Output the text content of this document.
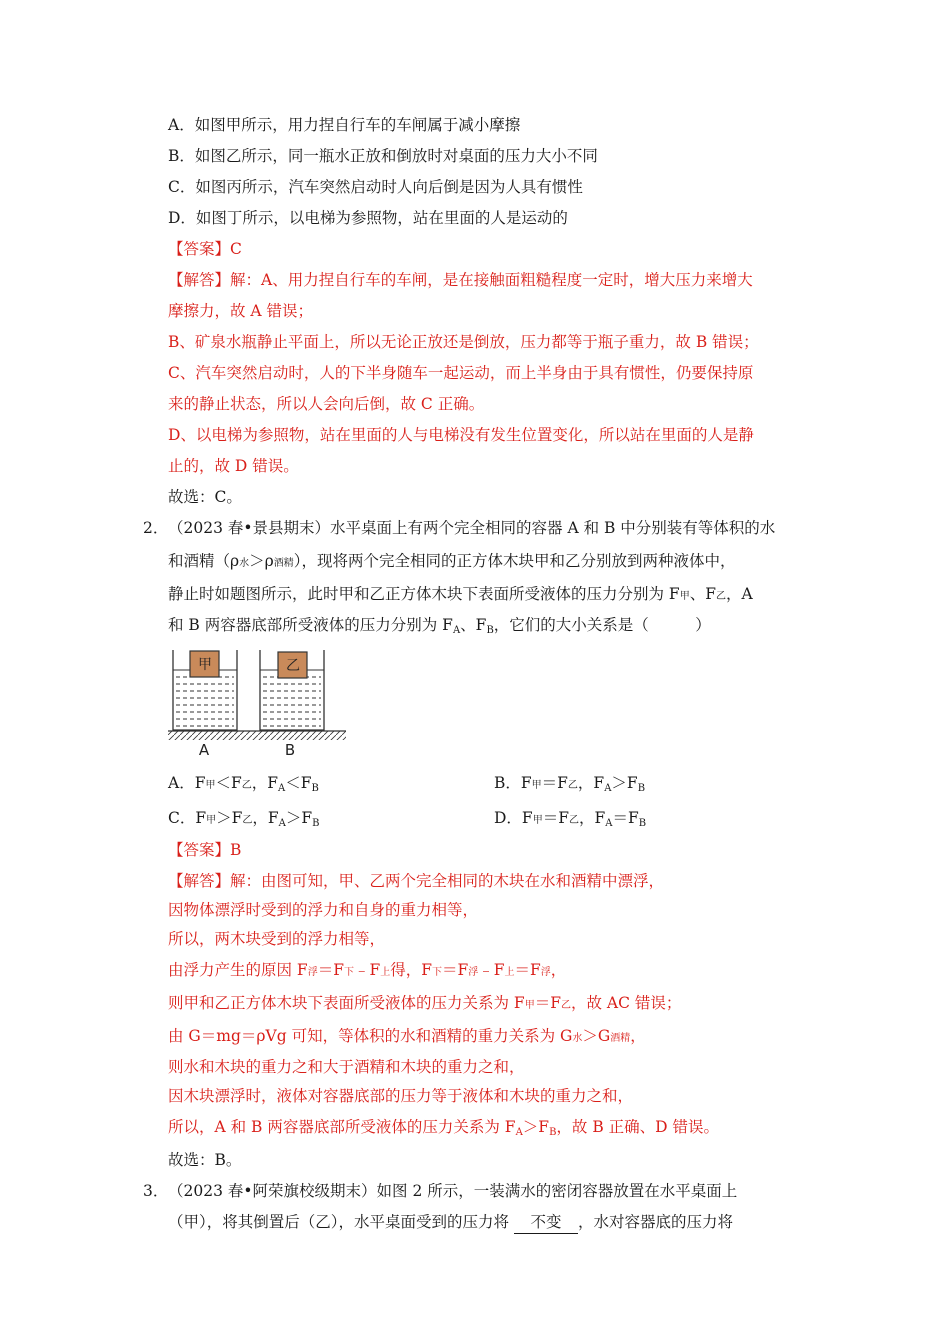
A．如图甲所示，用力捏自行车的车闸属于减小摩擦
B．如图乙所示，同一瓶水正放和倒放时对桌面的压力大小不同
C．如图丙所示，汽车突然启动时人向后倒是因为人具有惯性
D．如图丁所示，以电梯为参照物，站在里面的人是运动的
【答案】C
【解答】解：A、用力捏自行车的车闸，是在接触面粗糙程度一定时，增大压力来增大
摩擦力，故 A 错误；
B、矿泉水瓶静止平面上，所以无论正放还是倒放，压力都等于瓶子重力，故 B 错误；
C、汽车突然启动时，人的下半身随车一起运动，而上半身由于具有惯性，仍要保持原
来的静止状态，所以人会向后倒，故 C 正确。
D、以电梯为参照物，站在里面的人与电梯没有发生位置变化，所以站在里面的人是静
止的，故 D 错误。
故选：C。
2． （2023 春•景县期末）水平桌面上有两个完全相同的容器 A 和 B 中分别装有等体积的水
和酒精（ρ水＞ρ酒精），现将两个完全相同的正方体木块甲和乙分别放到两种液体中，
静止时如题图所示，此时甲和乙正方体木块下表面所受液体的压力分别为 F甲、F乙，A
和 B 两容器底部所受液体的压力分别为 $F_A$、$F_B$，它们的大小关系是（　　　）
甲	乙
A	B
A．F甲＜F乙，$F_A<F_B$	B．F甲＝F乙，$F_A>F_B$
C．F甲＞F乙，$F_A>F_B$	D．F甲＝F乙，$F_A=F_B$
【答案】B
【解答】解：由图可知，甲、乙两个完全相同的木块在水和酒精中漂浮，
因物体漂浮时受到的浮力和自身的重力相等，
所以，两木块受到的浮力相等，
由浮力产生的原因 F浮＝F下﹣F上得，F下＝F浮﹣F上＝F浮，
则甲和乙正方体木块下表面所受液体的压力关系为 F甲＝F乙，故 AC 错误；
由 G＝mg＝ρVg 可知，等体积的水和酒精的重力关系为 G水＞G酒精，
则水和木块的重力之和大于酒精和木块的重力之和，
因木块漂浮时，液体对容器底部的压力等于液体和木块的重力之和，
所以，A 和 B 两容器底部所受液体的压力关系为 $F_A>F_B$，故 B 正确、D 错误。
故选：B。
3． （2023 春•阿荣旗校级期末）如图 2 所示，一装满水的密闭容器放置在水平桌面上
（甲），将其倒置后（乙），水平桌面受到的压力将 不变 ，水对容器底的压力将
